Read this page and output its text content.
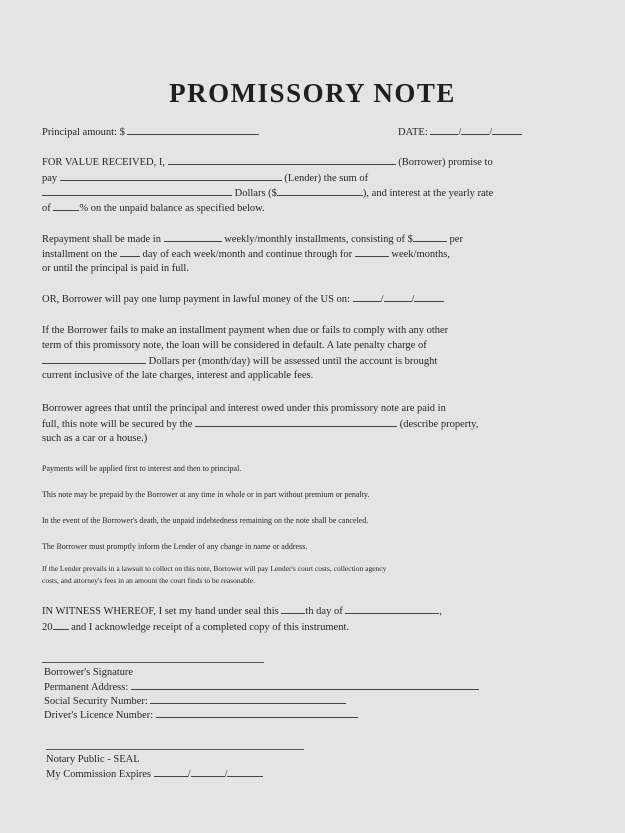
PROMISSORY NOTE
Principal amount: $	DATE:	/	/
FOR VALUE RECEIVED, I,	(Borrower) promise to
pay	(Lender) the sum of
Dollars ($	), and interest at the yearly rate
of	% on the unpaid balance as specified below.
Repayment shall be made in	weekly/monthly installments, consisting of $	per
installment on the day of each week/month and continue through for	week/months,
or until the principal is paid in full.
OR, Borrower will pay one lump payment in lawful money of the US on:	/	/
If the Borrower fails to make an installment payment when due or fails to comply with any other
term of this promissory note, the loan will be considered in default. A late penalty charge of
Dollars per (month/day) will be assessed until the account is brought
current inclusive of the late charges, interest and applicable fees.
Borrower agrees that until the principal and interest owed under this promissory note are paid in
full, this note will be secured by the	(describe property,
such as a car or a house.)
Payments will be applied first to interest and then to principal.
This note may be prepaid by the Borrower at any time in whole or in part without premium or penalty.
In the event of the Borrower's death, the unpaid indebtedness remaining on the note shall be canceled.
The Borrower must promptly inform the Lender of any change in name or address.
If the Lender prevails in a lawsuit to collect on this note, Borrower will pay Lender's court costs, collection agency
costs, and attorney's fees in an amount the court finds to be reasonable.
IN WITNESS WHEREOF, I set my hand under seal this	th day of	,
20 and I acknowledge receipt of a completed copy of this instrument.
Borrower's Signature
Permanent Address:
Social Security Number:
Driver's Licence Number:
Notary Public - SEAL
My Commission Expires	/	/
